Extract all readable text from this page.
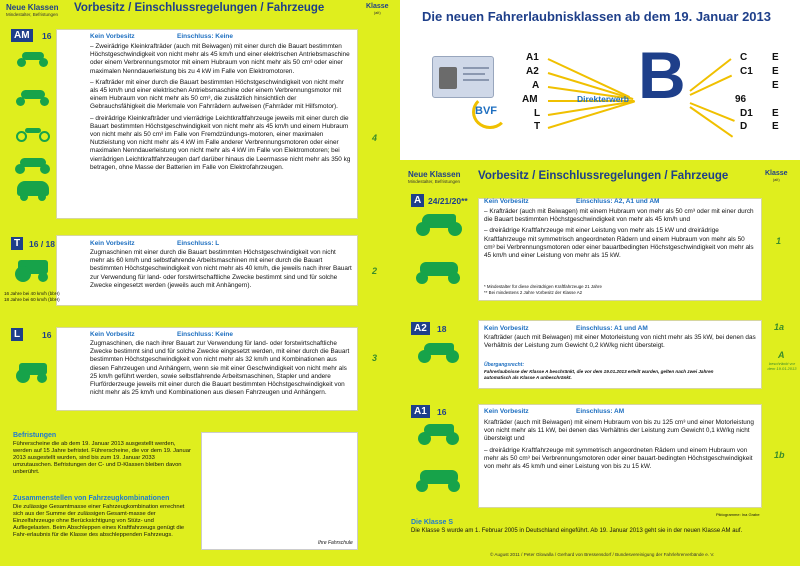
Neue Klassen
Mindestalter, Befristungen
Vorbesitz / Einschlussregelungen / Fahrzeuge	Klasse
(alt)
AM	16	Kein Vorbesitz	Einschluss: Keine

– Zweirädrige Kleinkrafträder (auch mit Beiwagen) mit einer durch die Bauart bestimmten Höchstgeschwindigkeit von nicht mehr als 45 km/h und einer elektrischen Antriebsmaschine oder einem Verbrennungsmotor mit einem Hubraum von nicht mehr als 50 cm³ oder einer maximalen Nenndauerleistung bis zu 4 kW im Falle von Elektromotoren.

– Krafträder mit einer durch die Bauart bestimmten Höchstgeschwindigkeit von nicht mehr als 45 km/h und einer elektrischen Antriebsmaschine oder einem Verbrennungsmotor mit einem Hubraum von nicht mehr als 50 cm³, die zusätzlich hinsichtlich der Gebrauchsfähigkeit die Merkmale von Fahrrädern aufweisen (Fahrräder mit Hilfsmotor).

– dreirädrige Kleinkrafträder und vierrädrige Leichtkraftfahrzeuge jeweils mit einer durch die Bauart bestimmten Höchstgeschwindigkeit von nicht mehr als 45 km/h und einem Hubraum von nicht mehr als 50 cm³ im Falle von Fremdzündungs-motoren, einer maximalen Nutzleistung von nicht mehr als 4 kW im Falle anderer Verbrennungsmotoren oder einer maximalen Nenndauerleistung von nicht mehr als 4 kW im Falle von Elektromotoren; bei vierrädrigen Leichtkraftfahrzeugen darf darüber hinaus die Leermasse nicht mehr als 350 kg betragen, ohne Masse der Batterien im Falle von Elektrofahrzeugen.

4
T	16 / 18	Kein Vorbesitz	Einschluss: L

Zugmaschinen mit einer durch die Bauart bestimmten Höchstgeschwindigkeit von nicht mehr als 60 km/h und selbstfahrende Arbeitsmaschinen mit einer durch die Bauart bestimmten Höchstgeschwindigkeit von nicht mehr als 40 km/h, die jeweils nach ihrer Bauart zur Verwendung für land- oder forstwirtschaftliche Zwecke bestimmt sind und für solche Zwecke eingesetzt werden (jeweils auch mit Anhängern).

16 Jahre bei 40 km/h (bbH)
18 Jahre bei 60 km/h (bbH)
2
L	16	Kein Vorbesitz	Einschluss: Keine

Zugmaschinen, die nach ihrer Bauart zur Verwendung für land- oder forstwirtschaftliche Zwecke bestimmt sind und für solche Zwecke eingesetzt werden, mit einer durch die Bauart bestimmten Höchstgeschwindigkeit von nicht mehr als 32 km/h und Kombinationen aus diesen Fahrzeugen und Anhängern, wenn sie mit einer Geschwindigkeit von nicht mehr als 25 km/h geführt werden, sowie selbstfahrende Arbeitsmaschinen, Stapler und andere Flurförderzeuge jeweils mit einer durch die Bauart bestimmten Höchstgeschwindigkeit von nicht mehr als 25 km/h und Kombinationen aus diesen Fahrzeugen und Anhängern.

3
Befristungen
Führerscheine die ab dem 19. Januar 2013 ausgestellt werden, werden auf 15 Jahre befristet. Führerscheine, die vor dem 19. Januar 2013 ausgestellt wurden, sind bis zum 19. Januar 2033 umzutauschen. Befristungen der C- und D-Klassen bleiben davon unberührt.
Zusammenstellen von Fahrzeugkombinationen
Die zulässige Gesamtmasse einer Fahrzeugkombination errechnet sich aus der Summe der zulässigen Gesamt-masse der Einzelfahrzeuge ohne Berücksichtigung von Stütz- und Aufliegelasten. Beim Abschleppen eines Kraftfahrzeugs genügt die Fahr-erlaubnis für die Klasse des abschleppenden Fahrzeugs.
Ihre Fahrschule
Die neuen Fahrerlaubnisklassen ab dem 19. Januar 2013
BVF
A1
A2
A
AM
L
T
Direkterwerb B	C
C1
96
D1
D
E
E
E
E
E
Neue Klassen
Mindestalter, Befristungen Vorbesitz / Einschlussregelungen / Fahrzeuge	Klasse
(alt)
A 24/21/20**	Kein Vorbesitz	Einschluss: A2, A1 und AM

– Krafträder (auch mit Beiwagen) mit einem Hubraum von mehr als 50 cm³ oder mit einer durch die Bauart bestimmten Höchstgeschwindigkeit von mehr als 45 km/h und

– dreirädrige Kraftfahrzeuge mit einer Leistung von mehr als 15 kW und dreirädrige Kraftfahrzeuge mit symmetrisch angeordneten Rädern und einem Hubraum von mehr als 50 cm³ bei Verbrennungsmotoren oder einer bauartbedingten Höchstgeschwindigkeit von mehr als 45 km/h und einer Leistung von mehr als 15 kW.

* Mindestalter für diese dreirädrigen Kraftfahrzeuge 21 Jahre
** Bei mindestens 2 Jahre Vorbesitz der Klasse A2
1
A2	18	Kein Vorbesitz	Einschluss: A1 und AM
Krafträder (auch mit Beiwagen) mit einer Motorleistung von nicht mehr als 35 kW, bei denen das Verhältnis der Leistung zum Gewicht 0,2 kW/kg nicht übersteigt.
Übergangsrecht:
Fahrerlaubnisse der Klasse A beschränkt, die vor dem 19.01.2013 erteilt wurden, gelten nach zwei Jahren automatisch als Klasse A unbeschränkt.
1a
A
beschränkt vor dem 19.01.2013
A1	16	Kein Vorbesitz	Einschluss: AM

Krafträder (auch mit Beiwagen) mit einem Hubraum von bis zu 125 cm³ und einer Motorleistung von nicht mehr als 11 kW, bei denen das Verhältnis der Leistung zum Gewicht 0,1 kW/kg nicht übersteigt und

– dreirädrige Kraftfahrzeuge mit symmetrisch angeordneten Rädern und einem Hubraum von mehr als 50 cm³ bei Verbrennungsmotoren oder einer bauart-bedingten Höchstgeschwindigkeit von mehr als 45 km/h und einer Leistung von bis zu 15 kW.

1b
Piktogramme: Ina Grabe
Die Klasse S
Die Klasse S wurde am 1. Februar 2005 in Deutschland eingeführt. Ab 19. Januar 2013 geht sie in der neuen Klasse AM auf.
© August 2011 / Peter Glowalla / Gerhard von Bressensdorf / Bundesvereinigung der Fahrlehrerverbände e. V.
